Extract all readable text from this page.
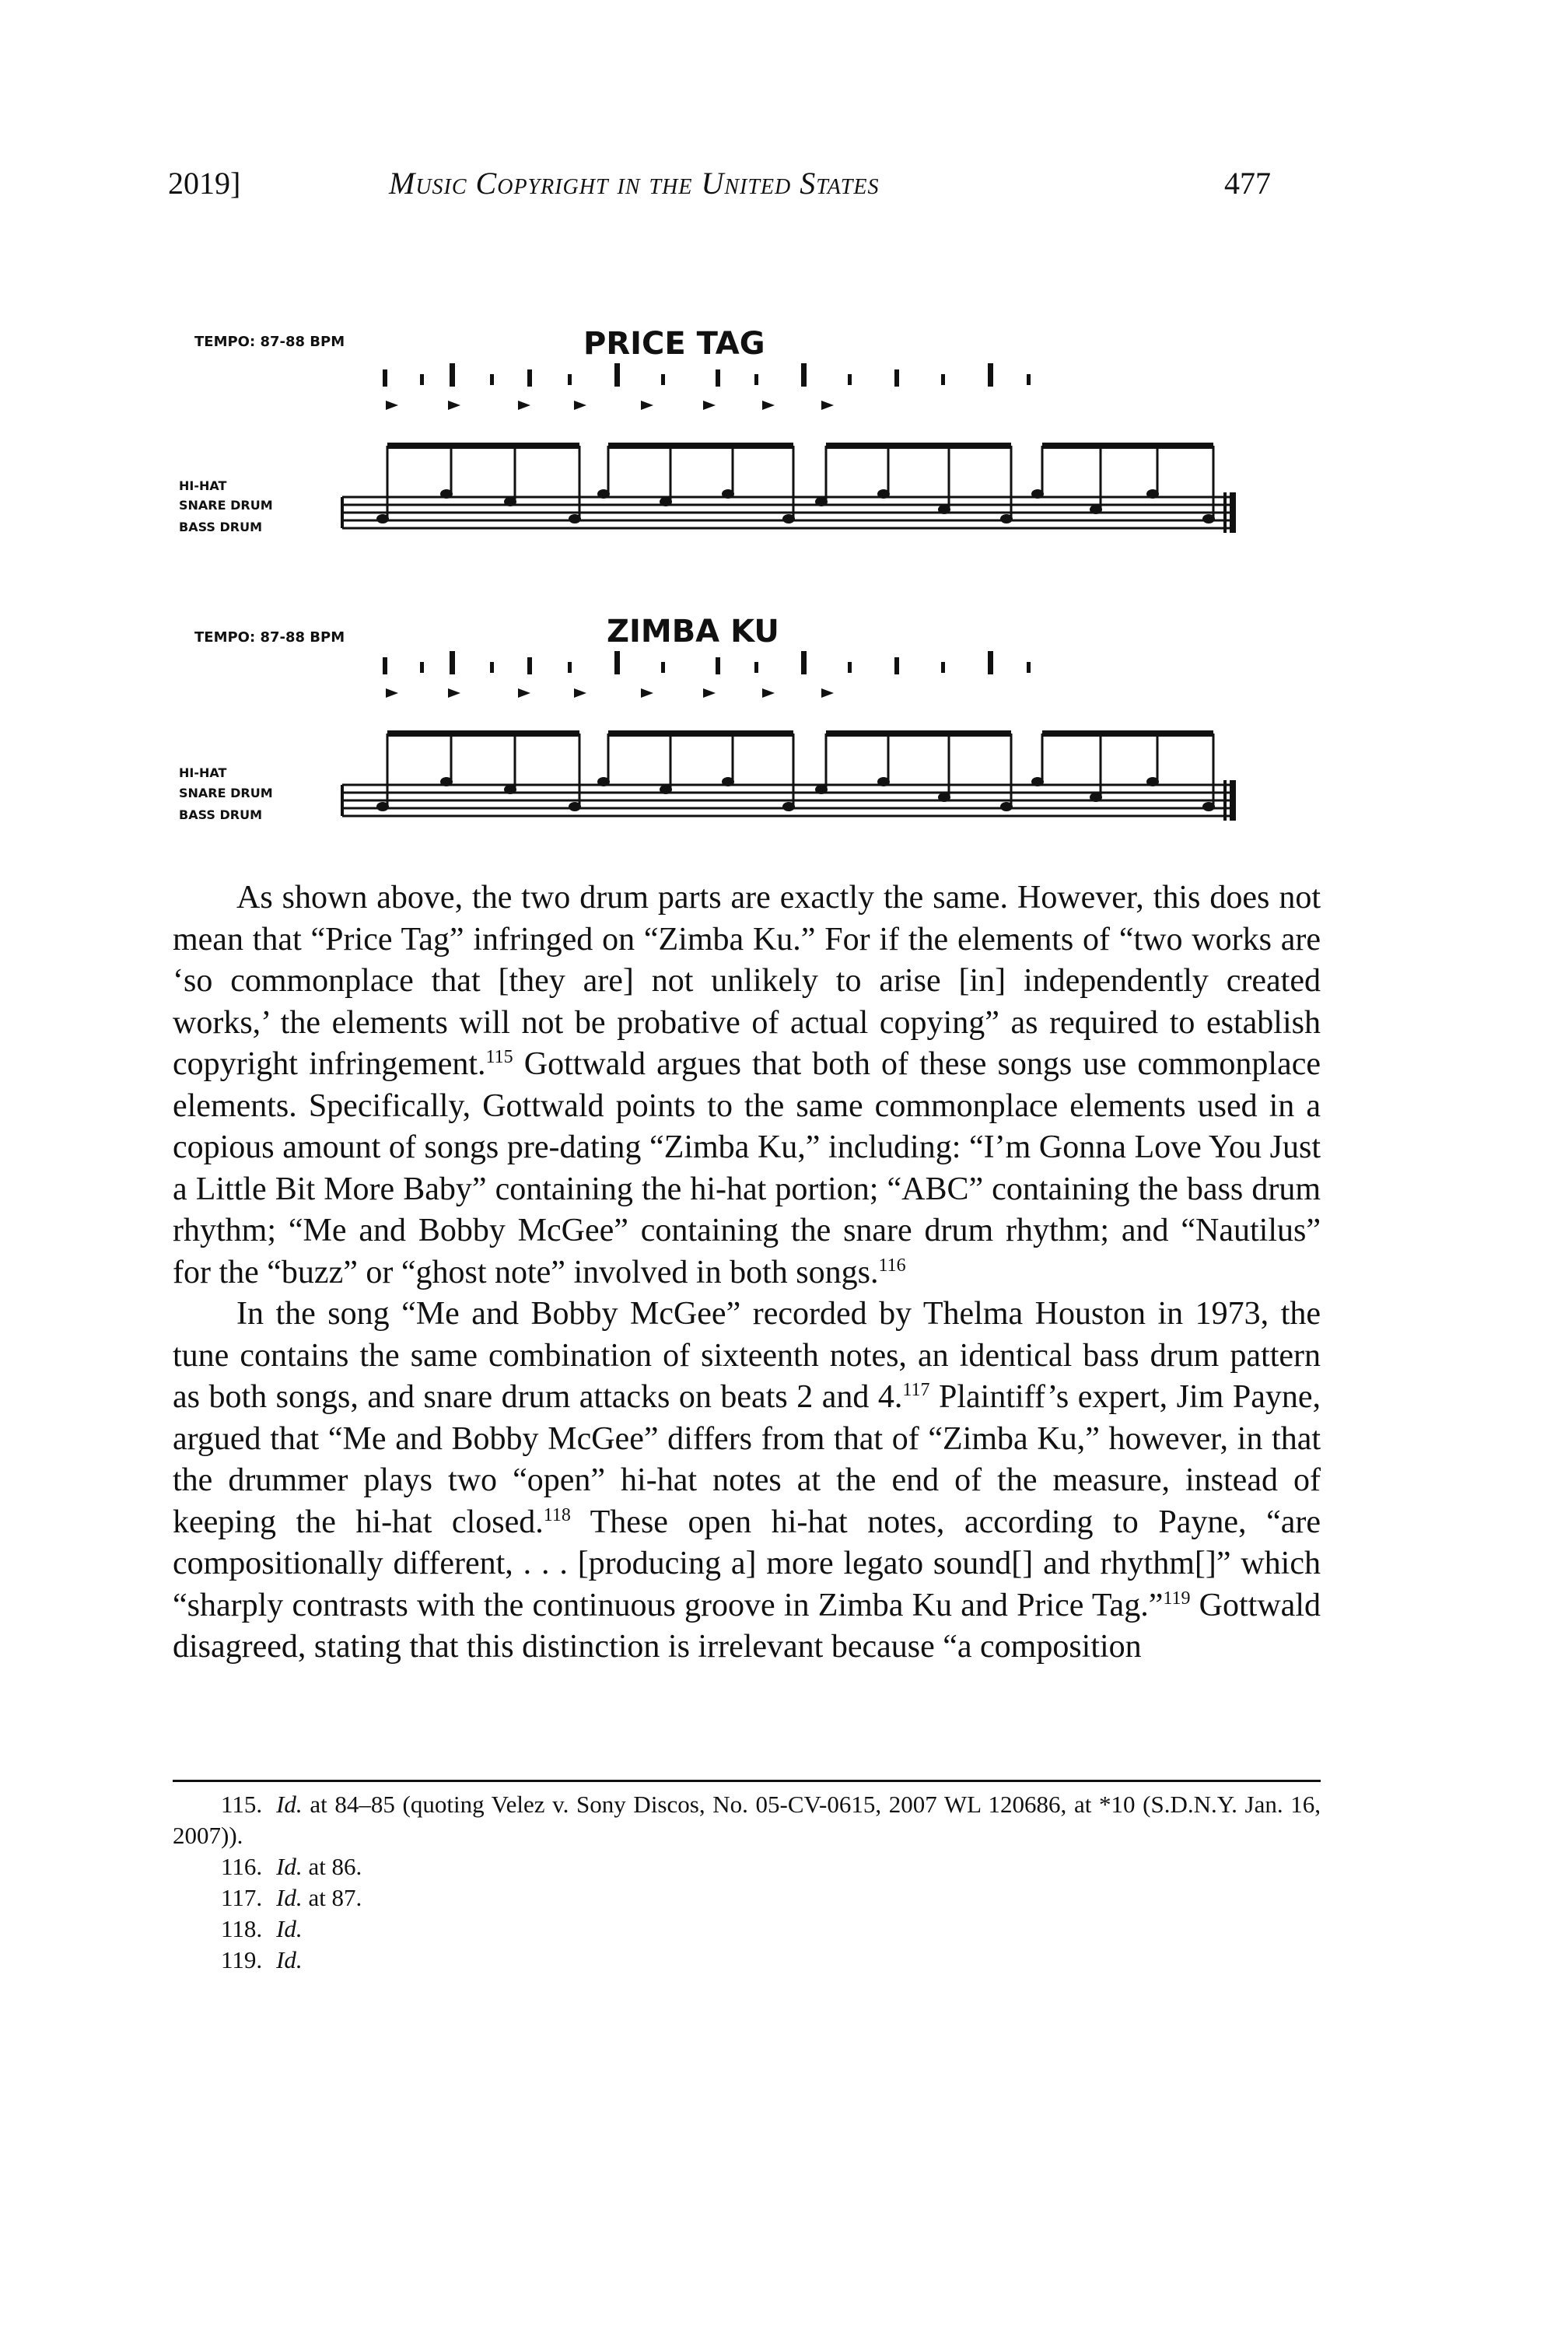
2019]	Music Copyright in the United States	477
TEMPO: 87-88 BPM	PRICE TAG
HI-HAT
SNARE DRUM
BASS DRUM
TEMPO: 87-88 BPM	ZIMBA KU
HI-HAT
SNARE DRUM
BASS DRUM

As shown above, the two drum parts are exactly the same. However, this does not mean that “Price Tag” infringed on “Zimba Ku.” For if the elements of “two works are ‘so commonplace that [they are] not unlikely to arise [in] independently created works,’ the elements will not be probative of actual copying” as required to establish copyright infringement.$^{115}$ Gottwald argues that both of these songs use commonplace elements. Specifically, Gottwald points to the same commonplace elements used in a copious amount of songs pre-dating “Zimba Ku,” including: “I’m Gonna Love You Just a Little Bit More Baby” containing the hi-hat portion; “ABC” containing the bass drum rhythm; “Me and Bobby McGee” containing the snare drum rhythm; and “Nautilus” for the “buzz” or “ghost note” involved in both songs.$^{116}$

In the song “Me and Bobby McGee” recorded by Thelma Houston in 1973, the tune contains the same combination of sixteenth notes, an identical bass drum pattern as both songs, and snare drum attacks on beats 2 and 4.$^{117}$ Plaintiff’s expert, Jim Payne, argued that “Me and Bobby McGee” differs from that of “Zimba Ku,” however, in that the drummer plays two “open” hi-hat notes at the end of the measure, instead of keeping the hi-hat closed.$^{118}$ These open hi-hat notes, according to Payne, “are compositionally different, . . . [producing a] more legato sound[] and rhythm[]” which “sharply contrasts with the continuous groove in Zimba Ku and Price Tag.”$^{119}$ Gottwald disagreed, stating that this distinction is irrelevant because “a composition

115. Id. at 84–85 (quoting Velez v. Sony Discos, No. 05-CV-0615, 2007 WL 120686, at *10 (S.D.N.Y. Jan. 16, 2007)).

116. Id. at 86.

117. Id. at 87.

118. Id.

119. Id.
